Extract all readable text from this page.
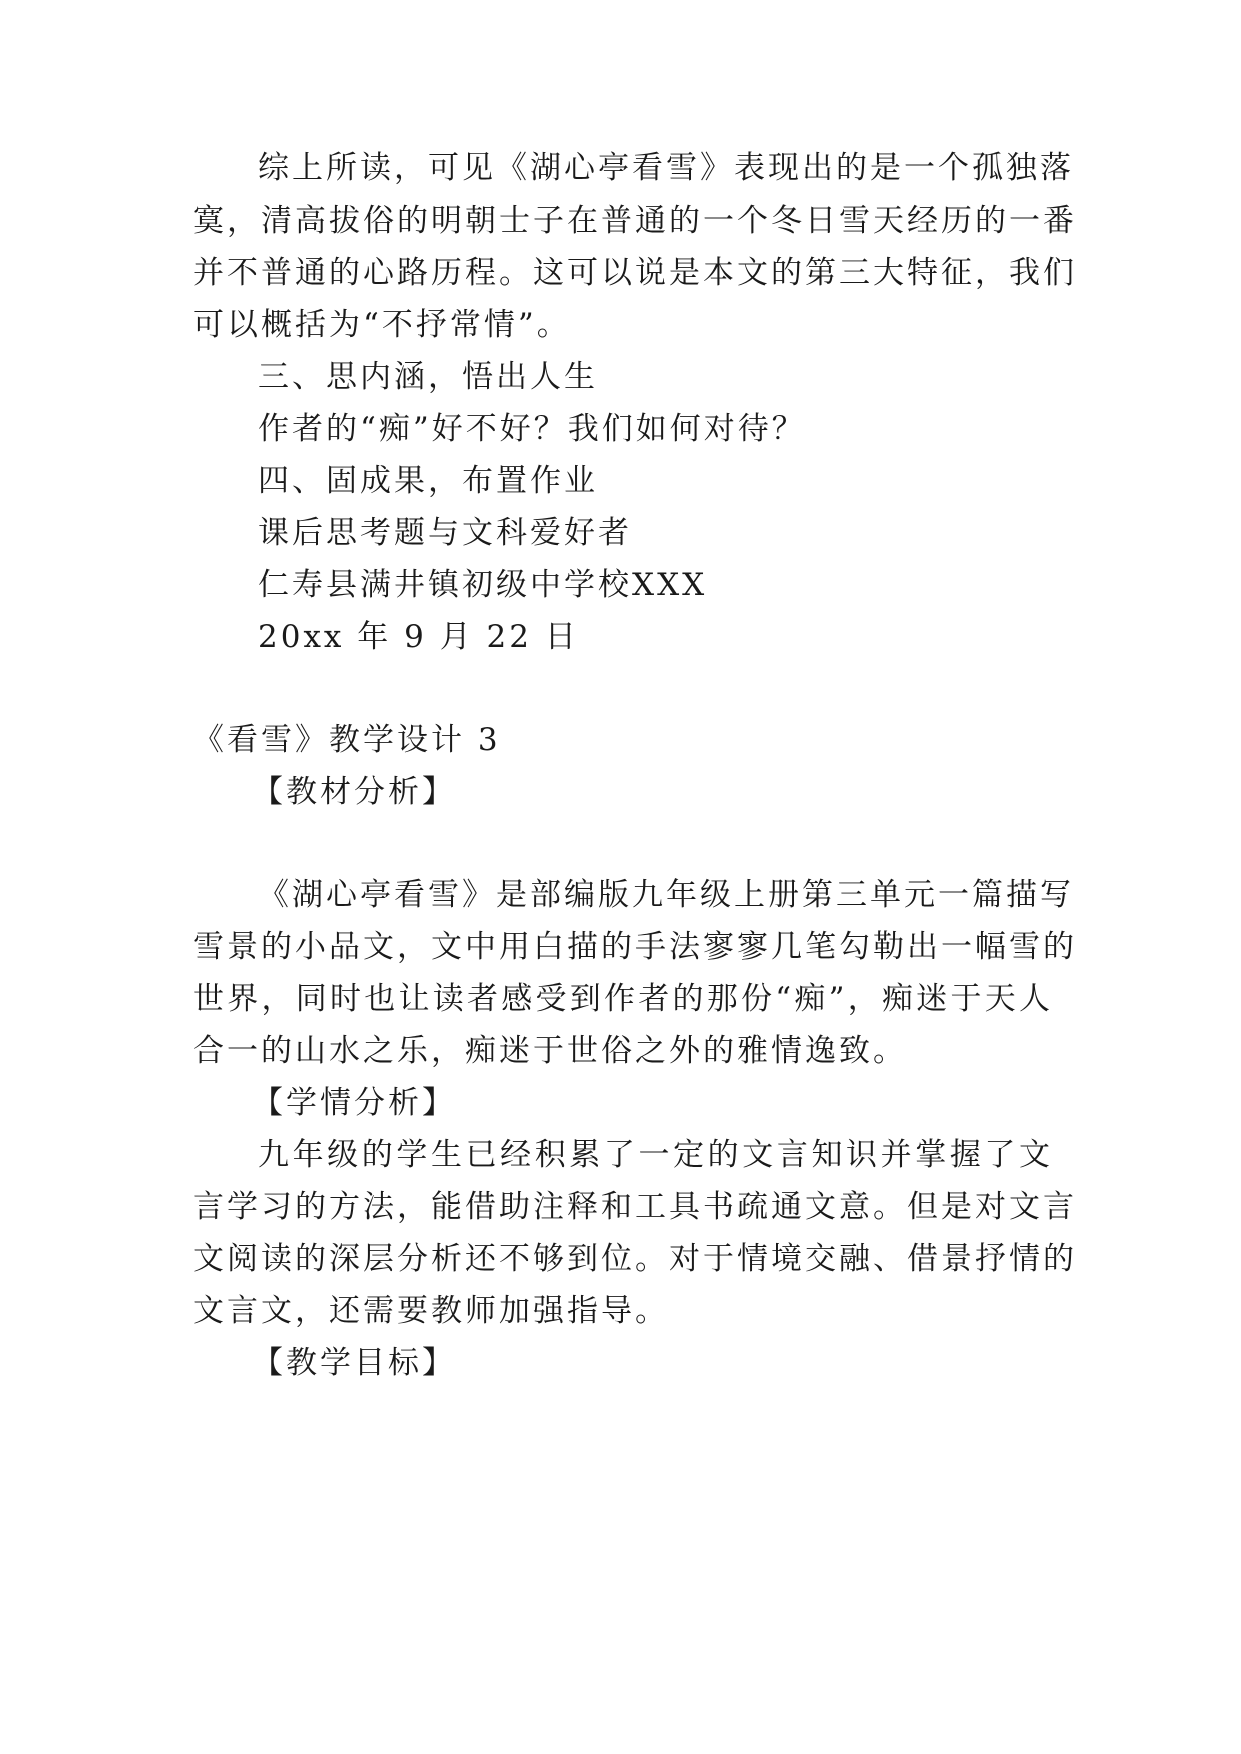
综上所读，可见《湖心亭看雪》表现出的是一个孤独落

寞，清高拔俗的明朝士子在普通的一个冬日雪天经历的一番

并不普通的心路历程。这可以说是本文的第三大特征，我们

可以概括为“不抒常情”。

三、思内涵，悟出人生

作者的“痴”好不好？我们如何对待？

四、固成果，布置作业

课后思考题与文科爱好者

仁寿县满井镇初级中学校XXX

20xx 年 9 月 22 日

《看雪》教学设计 3

【教材分析】

《湖心亭看雪》是部编版九年级上册第三单元一篇描写

雪景的小品文，文中用白描的手法寥寥几笔勾勒出一幅雪的

世界，同时也让读者感受到作者的那份“痴”，痴迷于天人

合一的山水之乐，痴迷于世俗之外的雅情逸致。

【学情分析】

九年级的学生已经积累了一定的文言知识并掌握了文

言学习的方法，能借助注释和工具书疏通文意。但是对文言

文阅读的深层分析还不够到位。对于情境交融、借景抒情的

文言文，还需要教师加强指导。

【教学目标】
